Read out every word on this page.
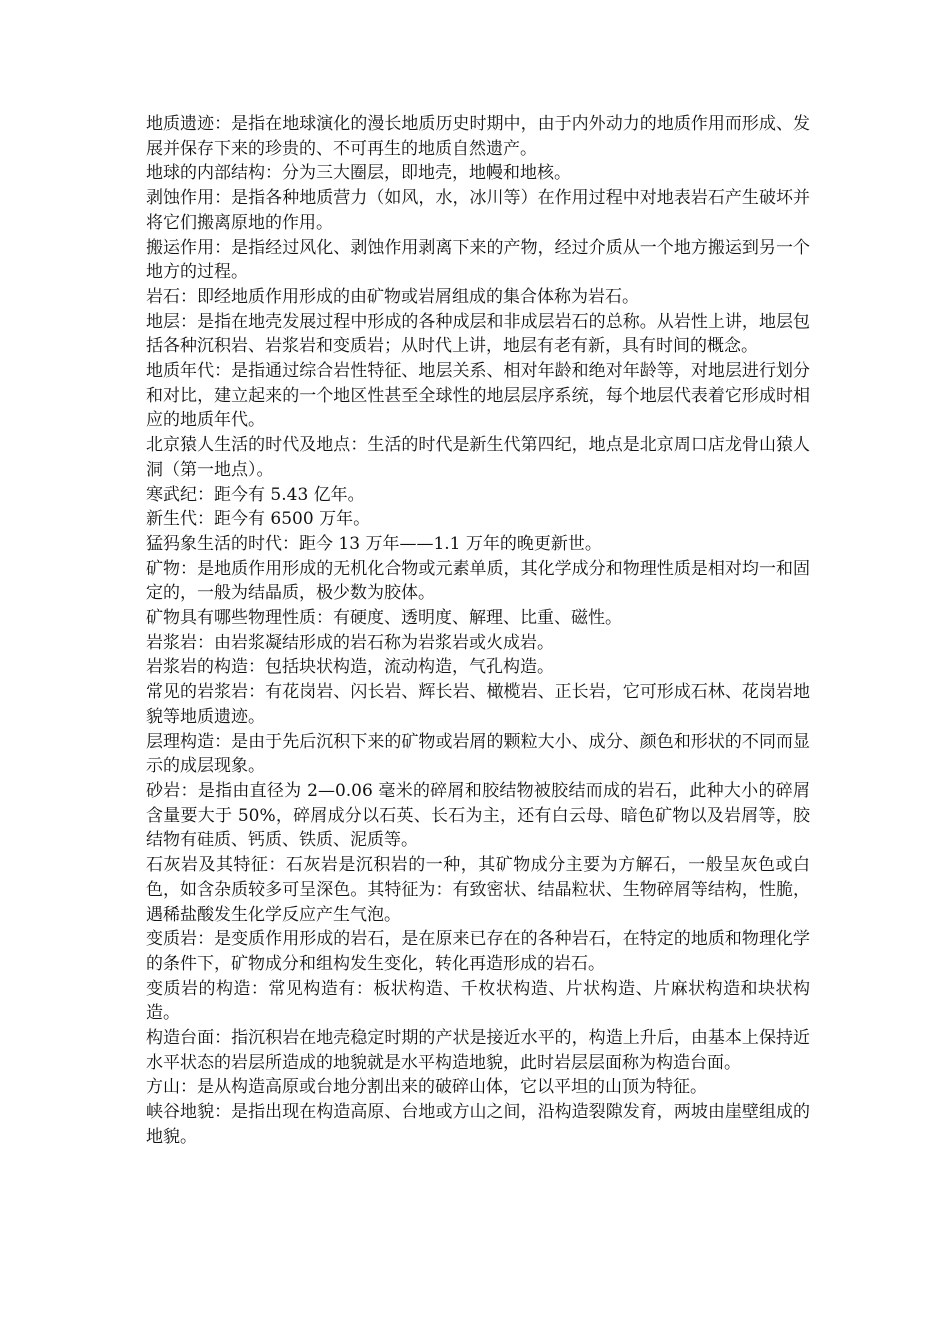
地质遗迹：是指在地球演化的漫长地质历史时期中，由于内外动力的地质作用而形成、发展并保存下来的珍贵的、不可再生的地质自然遗产。

地球的内部结构：分为三大圈层，即地壳，地幔和地核。

剥蚀作用：是指各种地质营力（如风，水，冰川等）在作用过程中对地表岩石产生破坏并将它们搬离原地的作用。

搬运作用：是指经过风化、剥蚀作用剥离下来的产物，经过介质从一个地方搬运到另一个地方的过程。

岩石：即经地质作用形成的由矿物或岩屑组成的集合体称为岩石。

地层：是指在地壳发展过程中形成的各种成层和非成层岩石的总称。从岩性上讲，地层包括各种沉积岩、岩浆岩和变质岩；从时代上讲，地层有老有新，具有时间的概念。

地质年代：是指通过综合岩性特征、地层关系、相对年龄和绝对年龄等，对地层进行划分和对比，建立起来的一个地区性甚至全球性的地层层序系统，每个地层代表着它形成时相应的地质年代。

北京猿人生活的时代及地点：生活的时代是新生代第四纪，地点是北京周口店龙骨山猿人洞（第一地点）。

寒武纪：距今有 5.43 亿年。

新生代：距今有 6500 万年。

猛犸象生活的时代：距今 13 万年——1.1 万年的晚更新世。

矿物：是地质作用形成的无机化合物或元素单质，其化学成分和物理性质是相对均一和固定的，一般为结晶质，极少数为胶体。

矿物具有哪些物理性质：有硬度、透明度、解理、比重、磁性。

岩浆岩：由岩浆凝结形成的岩石称为岩浆岩或火成岩。

岩浆岩的构造：包括块状构造，流动构造，气孔构造。

常见的岩浆岩：有花岗岩、闪长岩、辉长岩、橄榄岩、正长岩，它可形成石林、花岗岩地貌等地质遗迹。

层理构造：是由于先后沉积下来的矿物或岩屑的颗粒大小、成分、颜色和形状的不同而显示的成层现象。

砂岩：是指由直径为 2—0.06 毫米的碎屑和胶结物被胶结而成的岩石，此种大小的碎屑含量要大于 50%，碎屑成分以石英、长石为主，还有白云母、暗色矿物以及岩屑等，胶结物有硅质、钙质、铁质、泥质等。

石灰岩及其特征：石灰岩是沉积岩的一种，其矿物成分主要为方解石，一般呈灰色或白色，如含杂质较多可呈深色。其特征为：有致密状、结晶粒状、生物碎屑等结构，性脆，遇稀盐酸发生化学反应产生气泡。

变质岩：是变质作用形成的岩石，是在原来已存在的各种岩石，在特定的地质和物理化学的条件下，矿物成分和组构发生变化，转化再造形成的岩石。

变质岩的构造：常见构造有：板状构造、千枚状构造、片状构造、片麻状构造和块状构造。

构造台面：指沉积岩在地壳稳定时期的产状是接近水平的，构造上升后，由基本上保持近水平状态的岩层所造成的地貌就是水平构造地貌，此时岩层层面称为构造台面。

方山：是从构造高原或台地分割出来的破碎山体，它以平坦的山顶为特征。

峡谷地貌：是指出现在构造高原、台地或方山之间，沿构造裂隙发育，两坡由崖壁组成的地貌。
